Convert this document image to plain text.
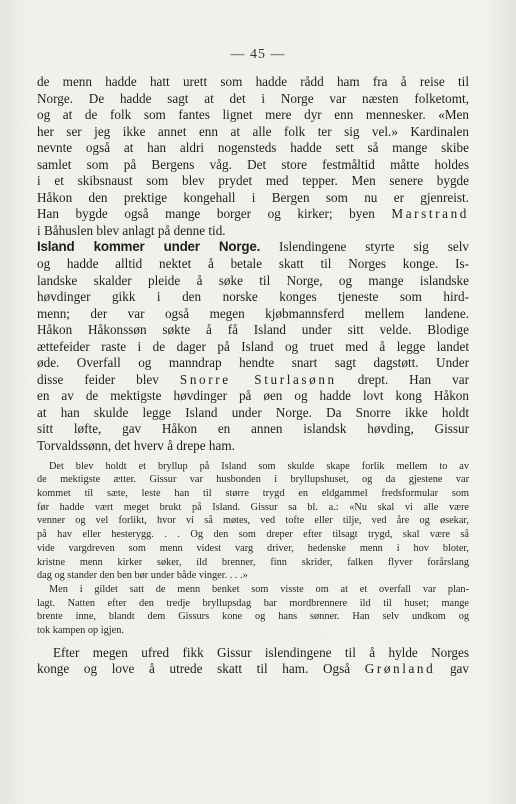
— 45 —

de menn hadde hatt urett som hadde rådd ham fra å reise til

Norge. De hadde sagt at det i Norge var næsten folketomt,

og at de folk som fantes lignet mere dyr enn mennesker. «Men

her ser jeg ikke annet enn at alle folk ter sig vel.» Kardinalen

nevnte også at han aldri nogensteds hadde sett så mange skibe

samlet som på Bergens våg. Det store festmåltid måtte holdes

i et skibsnaust som blev prydet med tepper. Men senere bygde

Håkon den prektige kongehall i Bergen som nu er gjenreist.

Han bygde også mange borger og kirker; byen Marstrand

i Båhuslen blev anlagt på denne tid.

Island kommer under Norge. Islendingene styrte sig selv

og hadde alltid nektet å betale skatt til Norges konge. Is-

landske skalder pleide å søke til Norge, og mange islandske

høvdinger gikk i den norske konges tjeneste som hird-

menn; der var også megen kjøbmannsferd mellem landene.

Håkon Håkonssøn søkte å få Island under sitt velde. Blodige

ættefeider raste i de dager på Island og truet med å legge landet

øde. Overfall og manndrap hendte snart sagt dagstøtt. Under

disse feider blev Snorre Sturlasønn drept. Han var

en av de mektigste høvdinger på øen og hadde lovt kong Håkon

at han skulde legge Island under Norge. Da Snorre ikke holdt

sitt løfte, gav Håkon en annen islandsk høvding, Gissur

Torvaldssønn, det hverv å drepe ham.

Det blev holdt et bryllup på Island som skulde skape forlik mellem to av

de mektigste ætter. Gissur var husbonden i bryllupshuset, og da gjestene var

kommet til sæte, leste han til større trygd en eldgammel fredsformular som

før hadde vært meget brukt på Island. Gissur sa bl. a.: «Nu skal vi alle være

venner og vel forlikt, hvor vi så møtes, ved tofte eller tilje, ved åre og øsekar,

på hav eller hesterygg. . . Og den som dreper efter tilsagt trygd, skal være så

vide vargdreven som menn videst varg driver, hedenske menn i hov bloter,

kristne menn kirker søker, ild brenner, finn skrider, falken flyver forårslang

dag og stander den ben bør under både vinger. . . .»

Men i gildet satt de menn benket som visste om at et overfall var plan-

lagt. Natten efter den tredje bryllupsdag bar mordbrennere ild til huset; mange

brente inne, blandt dem Gissurs kone og hans sønner. Han selv undkom og

tok kampen op igjen.

Efter megen ufred fikk Gissur islendingene til å hylde Norges

konge og love å utrede skatt til ham. Også Grønland gav
